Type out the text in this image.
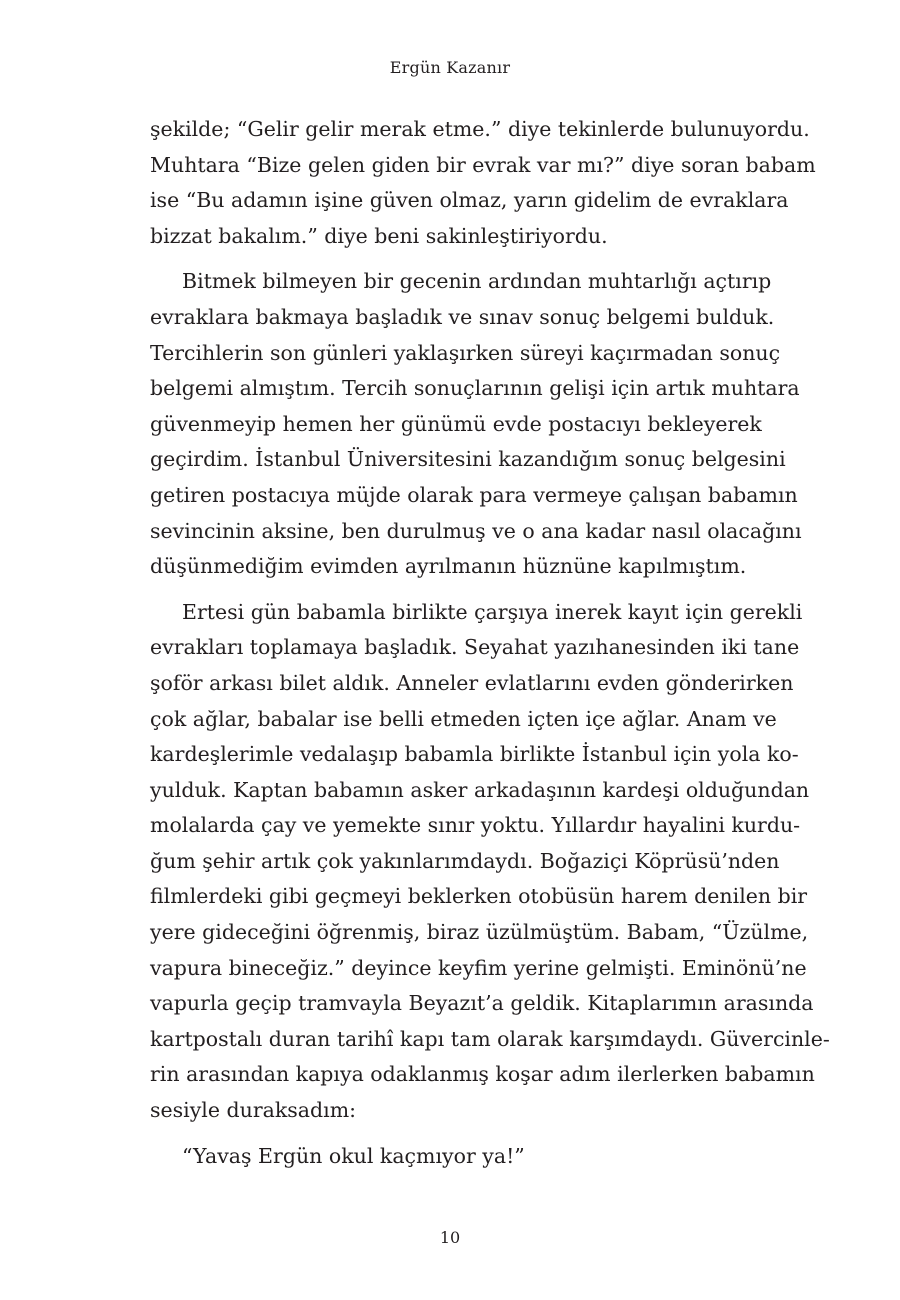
Ergün Kazanır
şekilde; “Gelir gelir merak etme.” diye tekinlerde bulunuyordu.
Muhtara “Bize gelen giden bir evrak var mı?” diye soran babam
ise “Bu adamın işine güven olmaz, yarın gidelim de evraklara
bizzat bakalım.” diye beni sakinleştiriyordu.
Bitmek bilmeyen bir gecenin ardından muhtarlığı açtırıp
evraklara bakmaya başladık ve sınav sonuç belgemi bulduk.
Tercihlerin son günleri yaklaşırken süreyi kaçırmadan sonuç
belgemi almıştım. Tercih sonuçlarının gelişi için artık muhtara
güvenmeyip hemen her günümü evde postacıyı bekleyerek
geçirdim. İstanbul Üniversitesini kazandığım sonuç belgesini
getiren postacıya müjde olarak para vermeye çalışan babamın
sevincinin aksine, ben durulmuş ve o ana kadar nasıl olacağını
düşünmediğim evimden ayrılmanın hüznüne kapılmıştım.
Ertesi gün babamla birlikte çarşıya inerek kayıt için gerekli
evrakları toplamaya başladık. Seyahat yazıhanesinden iki tane
şoför arkası bilet aldık. Anneler evlatlarını evden gönderirken
çok ağlar, babalar ise belli etmeden içten içe ağlar. Anam ve
kardeşlerimle vedalaşıp babamla birlikte İstanbul için yola ko-
yulduk. Kaptan babamın asker arkadaşının kardeşi olduğundan
molalarda çay ve yemekte sınır yoktu. Yıllardır hayalini kurdu-
ğum şehir artık çok yakınlarımdaydı. Boğaziçi Köprüsü’nden
filmlerdeki gibi geçmeyi beklerken otobüsün harem denilen bir
yere gideceğini öğrenmiş, biraz üzülmüştüm. Babam, “Üzülme,
vapura bineceğiz.” deyince keyfim yerine gelmişti. Eminönü’ne
vapurla geçip tramvayla Beyazıt’a geldik. Kitaplarımın arasında
kartpostalı duran tarihî kapı tam olarak karşımdaydı. Güvercinle-
rin arasından kapıya odaklanmış koşar adım ilerlerken babamın
sesiyle duraksadım:
“Yavaş Ergün okul kaçmıyor ya!”
10
